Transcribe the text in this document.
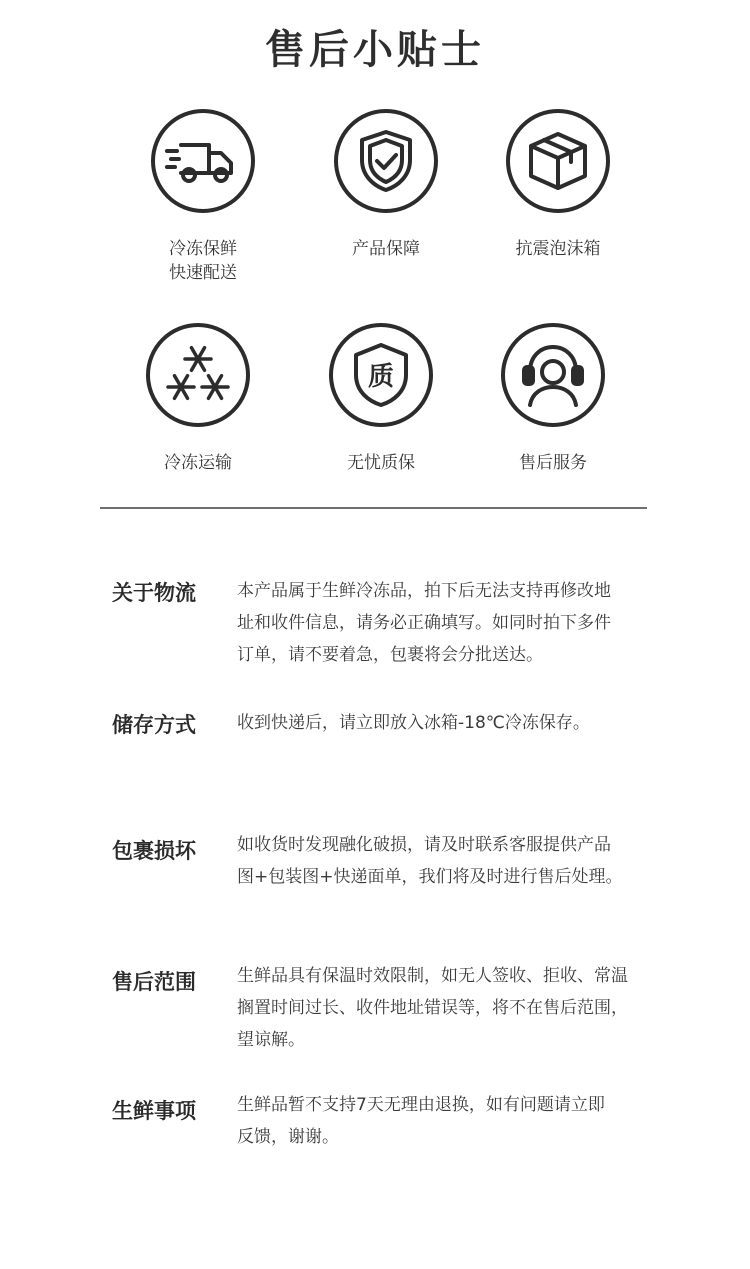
售后小贴士
冷冻保鲜
快速配送
产品保障	抗震泡沫箱
冷冻运输
质
无忧质保	售后服务
关于物流 本产品属于生鲜冷冻品，拍下后无法支持再修改地
址和收件信息，请务必正确填写。如同时拍下多件
订单，请不要着急，包裹将会分批送达。
储存方式 收到快递后，请立即放入冰箱-18℃冷冻保存。
包裹损坏 如收货时发现融化破损，请及时联系客服提供产品
图+包装图+快递面单，我们将及时进行售后处理。
售后范围 生鲜品具有保温时效限制，如无人签收、拒收、常温
搁置时间过长、收件地址错误等，将不在售后范围，
望谅解。
生鲜事项 生鲜品暂不支持7天无理由退换，如有问题请立即
反馈，谢谢。
